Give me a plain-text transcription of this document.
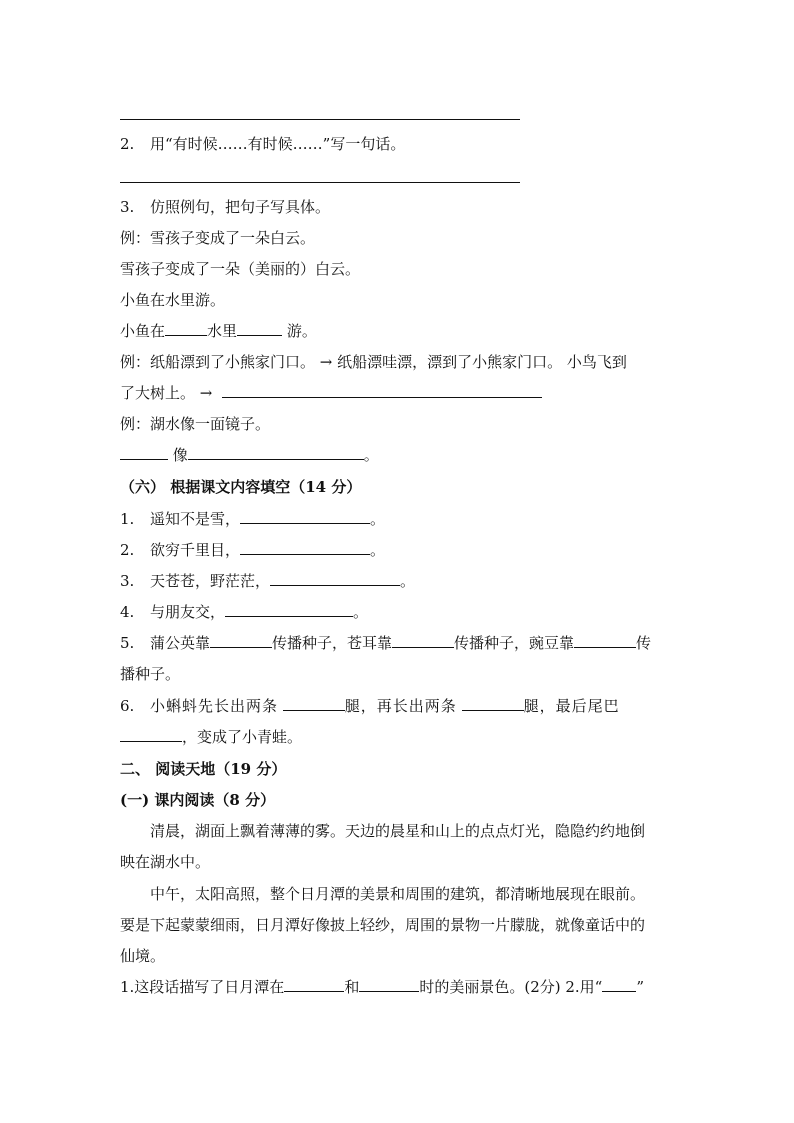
2. 用“有时候……有时候……”写一句话。
3. 仿照例句，把句子写具体。
例：雪孩子变成了一朵白云。
雪孩子变成了一朵（美丽的）白云。
小鱼在水里游。
小鱼在	水里	游。
例：纸船漂到了小熊家门口。 → 纸船漂哇漂，漂到了小熊家门口。 小鸟飞到
了大树上。 →
例：湖水像一面镜子。
像	。
（六） 根据课文内容填空（14 分）
1. 遥知不是雪，	。
2. 欲穷千里目，	。
3. 天苍苍，野茫茫，	。
4. 与朋友交，	。
5. 蒲公英靠	传播种子，苍耳靠	传播种子，豌豆靠	传
播种子。
6. 小蝌蚪先长出两条	腿，再长出两条	腿，最后尾巴
，变成了小青蛙。
二、 阅读天地（19 分）
(一) 课内阅读（8 分）
清晨，湖面上飘着薄薄的雾。天边的晨星和山上的点点灯光，隐隐约约地倒
映在湖水中。
中午，太阳高照，整个日月潭的美景和周围的建筑，都清晰地展现在眼前。
要是下起蒙蒙细雨，日月潭好像披上轻纱，周围的景物一片朦胧，就像童话中的
仙境。
1.这段话描写了日月潭在	和	时的美丽景色。(2分) 2.用“ ”
